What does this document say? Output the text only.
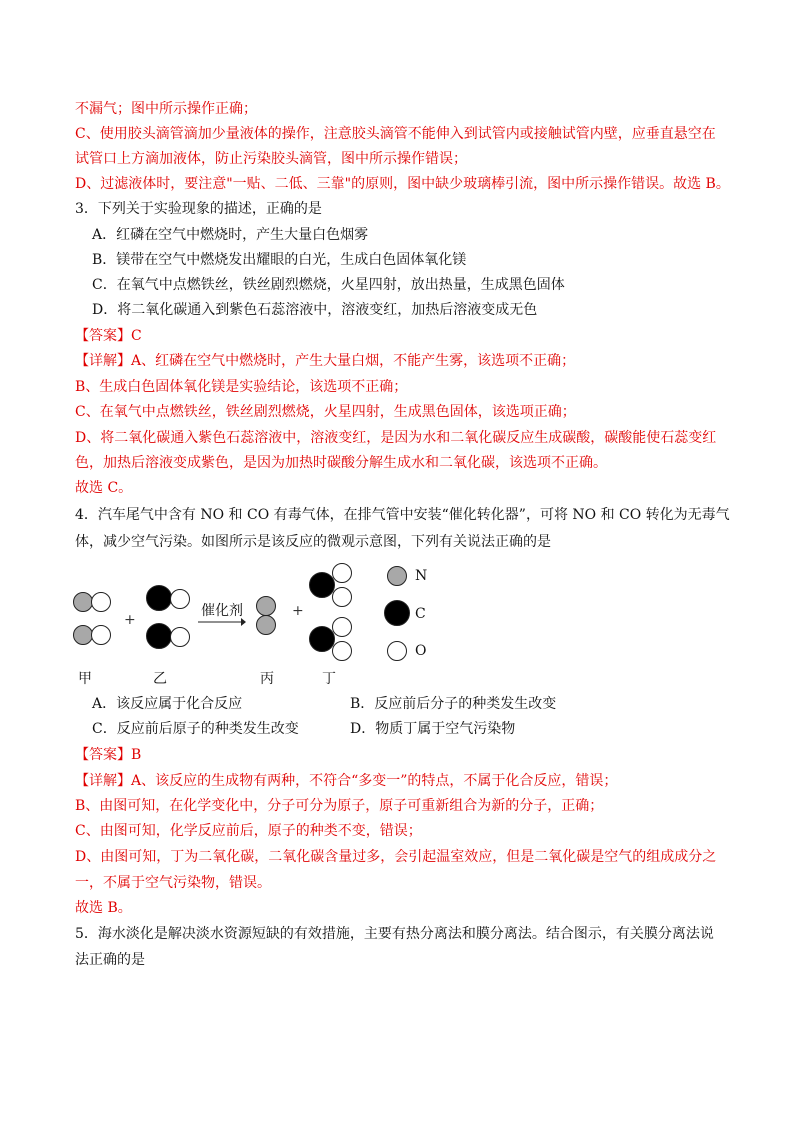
不漏气；图中所示操作正确；
C、使用胶头滴管滴加少量液体的操作，注意胶头滴管不能伸入到试管内或接触试管内壁，应垂直悬空在
试管口上方滴加液体，防止污染胶头滴管，图中所示操作错误；
D、过滤液体时，要注意"一贴、二低、三靠"的原则，图中缺少玻璃棒引流，图中所示操作错误。故选 B。
3．下列关于实验现象的描述，正确的是
A．红磷在空气中燃烧时，产生大量白色烟雾
B．镁带在空气中燃烧发出耀眼的白光，生成白色固体氧化镁
C．在氧气中点燃铁丝，铁丝剧烈燃烧，火星四射，放出热量，生成黑色固体
D．将二氧化碳通入到紫色石蕊溶液中，溶液变红，加热后溶液变成无色
【答案】C
【详解】A、红磷在空气中燃烧时，产生大量白烟，不能产生雾，该选项不正确；
B、生成白色固体氧化镁是实验结论，该选项不正确；
C、在氧气中点燃铁丝，铁丝剧烈燃烧，火星四射，生成黑色固体，该选项正确；
D、将二氧化碳通入紫色石蕊溶液中，溶液变红，是因为水和二氧化碳反应生成碳酸，碳酸能使石蕊变红
色，加热后溶液变成紫色，是因为加热时碳酸分解生成水和二氧化碳，该选项不正确。
故选 C。
4．汽车尾气中含有 NO 和 CO 有毒气体，在排气管中安装“催化转化器”，可将 NO 和 CO 转化为无毒气
体，减少空气污染。如图所示是该反应的微观示意图，下列有关说法正确的是
+
催化剂	+
N
C
O
甲	乙	丙	丁
A．该反应属于化合反应	B．反应前后分子的种类发生改变
C．反应前后原子的种类发生改变	D．物质丁属于空气污染物
【答案】B
【详解】A、该反应的生成物有两种，不符合“多变一”的特点，不属于化合反应，错误；
B、由图可知，在化学变化中，分子可分为原子，原子可重新组合为新的分子，正确；
C、由图可知，化学反应前后，原子的种类不变，错误；
D、由图可知，丁为二氧化碳，二氧化碳含量过多，会引起温室效应，但是二氧化碳是空气的组成成分之
一，不属于空气污染物，错误。
故选 B。
5．海水淡化是解决淡水资源短缺的有效措施，主要有热分离法和膜分离法。结合图示，有关膜分离法说
法正确的是
